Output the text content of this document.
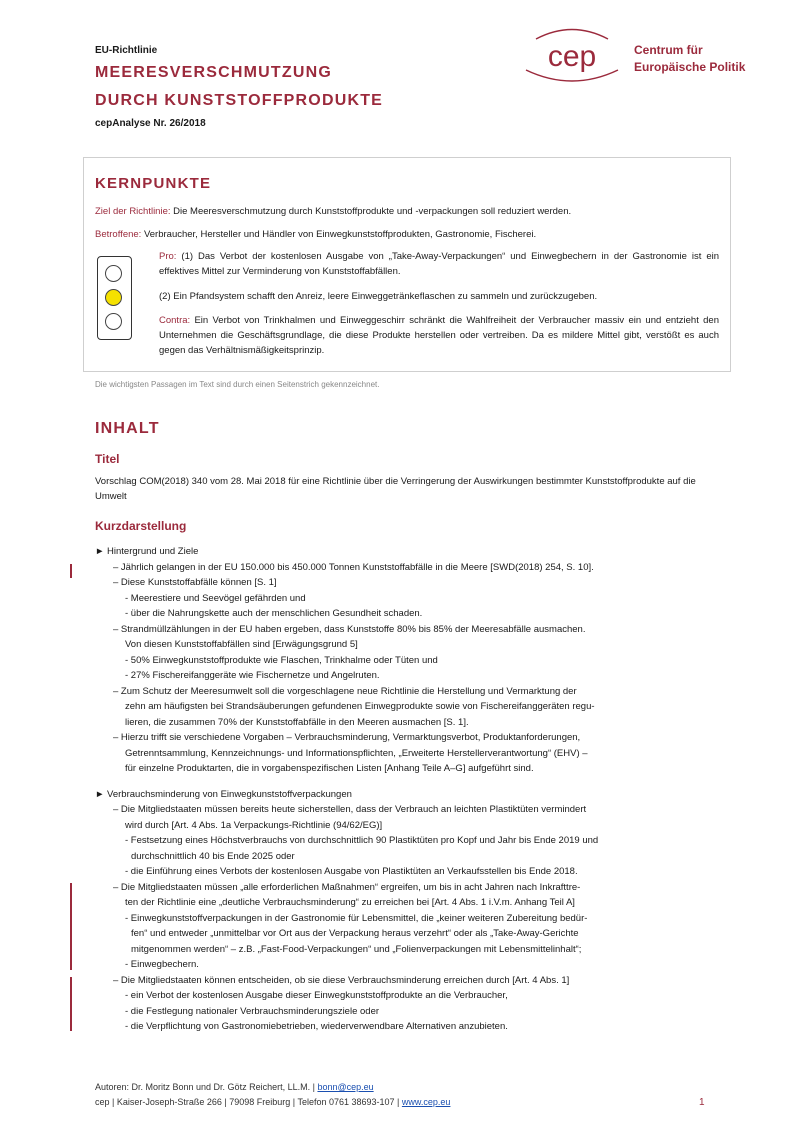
EU-Richtlinie
MEERESVERSCHMUTZUNG
DURCH KUNSTSTOFFPRODUKTE
cepAnalyse Nr. 26/2018
cep	Centrum für
Europäische Politik
KERNPUNKTE
Ziel der Richtlinie: Die Meeresverschmutzung durch Kunststoffprodukte und -verpackungen soll reduziert werden.
Betroffene: Verbraucher, Hersteller und Händler von Einwegkunststoffprodukten, Gastronomie, Fischerei.
Pro: (1) Das Verbot der kostenlosen Ausgabe von „Take-Away-Verpackungen“ und Einwegbechern in der Gastronomie ist ein effektives Mittel zur Verminderung von Kunststoffabfällen.
(2) Ein Pfandsystem schafft den Anreiz, leere Einweggetränkeflaschen zu sammeln und zurückzugeben.
Contra: Ein Verbot von Trinkhalmen und Einweggeschirr schränkt die Wahlfreiheit der Verbraucher massiv ein und entzieht den Unternehmen die Geschäftsgrundlage, die diese Produkte herstellen oder vertreiben. Da es mildere Mittel gibt, verstößt es auch gegen das Verhältnismäßigkeitsprinzip.
Die wichtigsten Passagen im Text sind durch einen Seitenstrich gekennzeichnet.
INHALT
Titel
Vorschlag COM(2018) 340 vom 28. Mai 2018 für eine Richtlinie über die Verringerung der Auswirkungen bestimmter Kunststoffprodukte auf die Umwelt
Kurzdarstellung
► Hintergrund und Ziele
– Jährlich gelangen in der EU 150.000 bis 450.000 Tonnen Kunststoffabfälle in die Meere [SWD(2018) 254, S. 10].
– Diese Kunststoffabfälle können [S. 1]
- Meerestiere und Seevögel gefährden und
- über die Nahrungskette auch der menschlichen Gesundheit schaden.
– Strandmüllzählungen in der EU haben ergeben, dass Kunststoffe 80% bis 85% der Meeresabfälle ausmachen.
Von diesen Kunststoffabfällen sind [Erwägungsgrund 5]
- 50% Einwegkunststoffprodukte wie Flaschen, Trinkhalme oder Tüten und
- 27% Fischereifanggeräte wie Fischernetze und Angelruten.
– Zum Schutz der Meeresumwelt soll die vorgeschlagene neue Richtlinie die Herstellung und Vermarktung der
zehn am häufigsten bei Strandsäuberungen gefundenen Einwegprodukte sowie von Fischereifanggeräten regu-
lieren, die zusammen 70% der Kunststoffabfälle in den Meeren ausmachen [S. 1].
– Hierzu trifft sie verschiedene Vorgaben – Verbrauchsminderung, Vermarktungsverbot, Produktanforderungen,
Getrenntsammlung, Kennzeichnungs- und Informationspflichten, „Erweiterte Herstellerverantwortung“ (EHV) –
für einzelne Produktarten, die in vorgabenspezifischen Listen [Anhang Teile A–G] aufgeführt sind.
► Verbrauchsminderung von Einwegkunststoffverpackungen
– Die Mitgliedstaaten müssen bereits heute sicherstellen, dass der Verbrauch an leichten Plastiktüten vermindert
wird durch [Art. 4 Abs. 1a Verpackungs-Richtlinie (94/62/EG)]
- Festsetzung eines Höchstverbrauchs von durchschnittlich 90 Plastiktüten pro Kopf und Jahr bis Ende 2019 und
durchschnittlich 40 bis Ende 2025 oder
- die Einführung eines Verbots der kostenlosen Ausgabe von Plastiktüten an Verkaufsstellen bis Ende 2018.
– Die Mitgliedstaaten müssen „alle erforderlichen Maßnahmen“ ergreifen, um bis in acht Jahren nach Inkrafttre-
ten der Richtlinie eine „deutliche Verbrauchsminderung“ zu erreichen bei [Art. 4 Abs. 1 i.V.m. Anhang Teil A]
- Einwegkunststoffverpackungen in der Gastronomie für Lebensmittel, die „keiner weiteren Zubereitung bedür-
fen“ und entweder „unmittelbar vor Ort aus der Verpackung heraus verzehrt“ oder als „Take-Away-Gerichte
mitgenommen werden“ – z.B. „Fast-Food-Verpackungen“ und „Folienverpackungen mit Lebensmittelinhalt“;
- Einwegbechern.
– Die Mitgliedstaaten können entscheiden, ob sie diese Verbrauchsminderung erreichen durch [Art. 4 Abs. 1]
- ein Verbot der kostenlosen Ausgabe dieser Einwegkunststoffprodukte an die Verbraucher,
- die Festlegung nationaler Verbrauchsminderungsziele oder
- die Verpflichtung von Gastronomiebetrieben, wiederverwendbare Alternativen anzubieten.
Autoren: Dr. Moritz Bonn und Dr. Götz Reichert, LL.M. | bonn@cep.eu
cep | Kaiser-Joseph-Straße 266 | 79098 Freiburg | Telefon 0761 38693-107 | www.cep.eu	1
